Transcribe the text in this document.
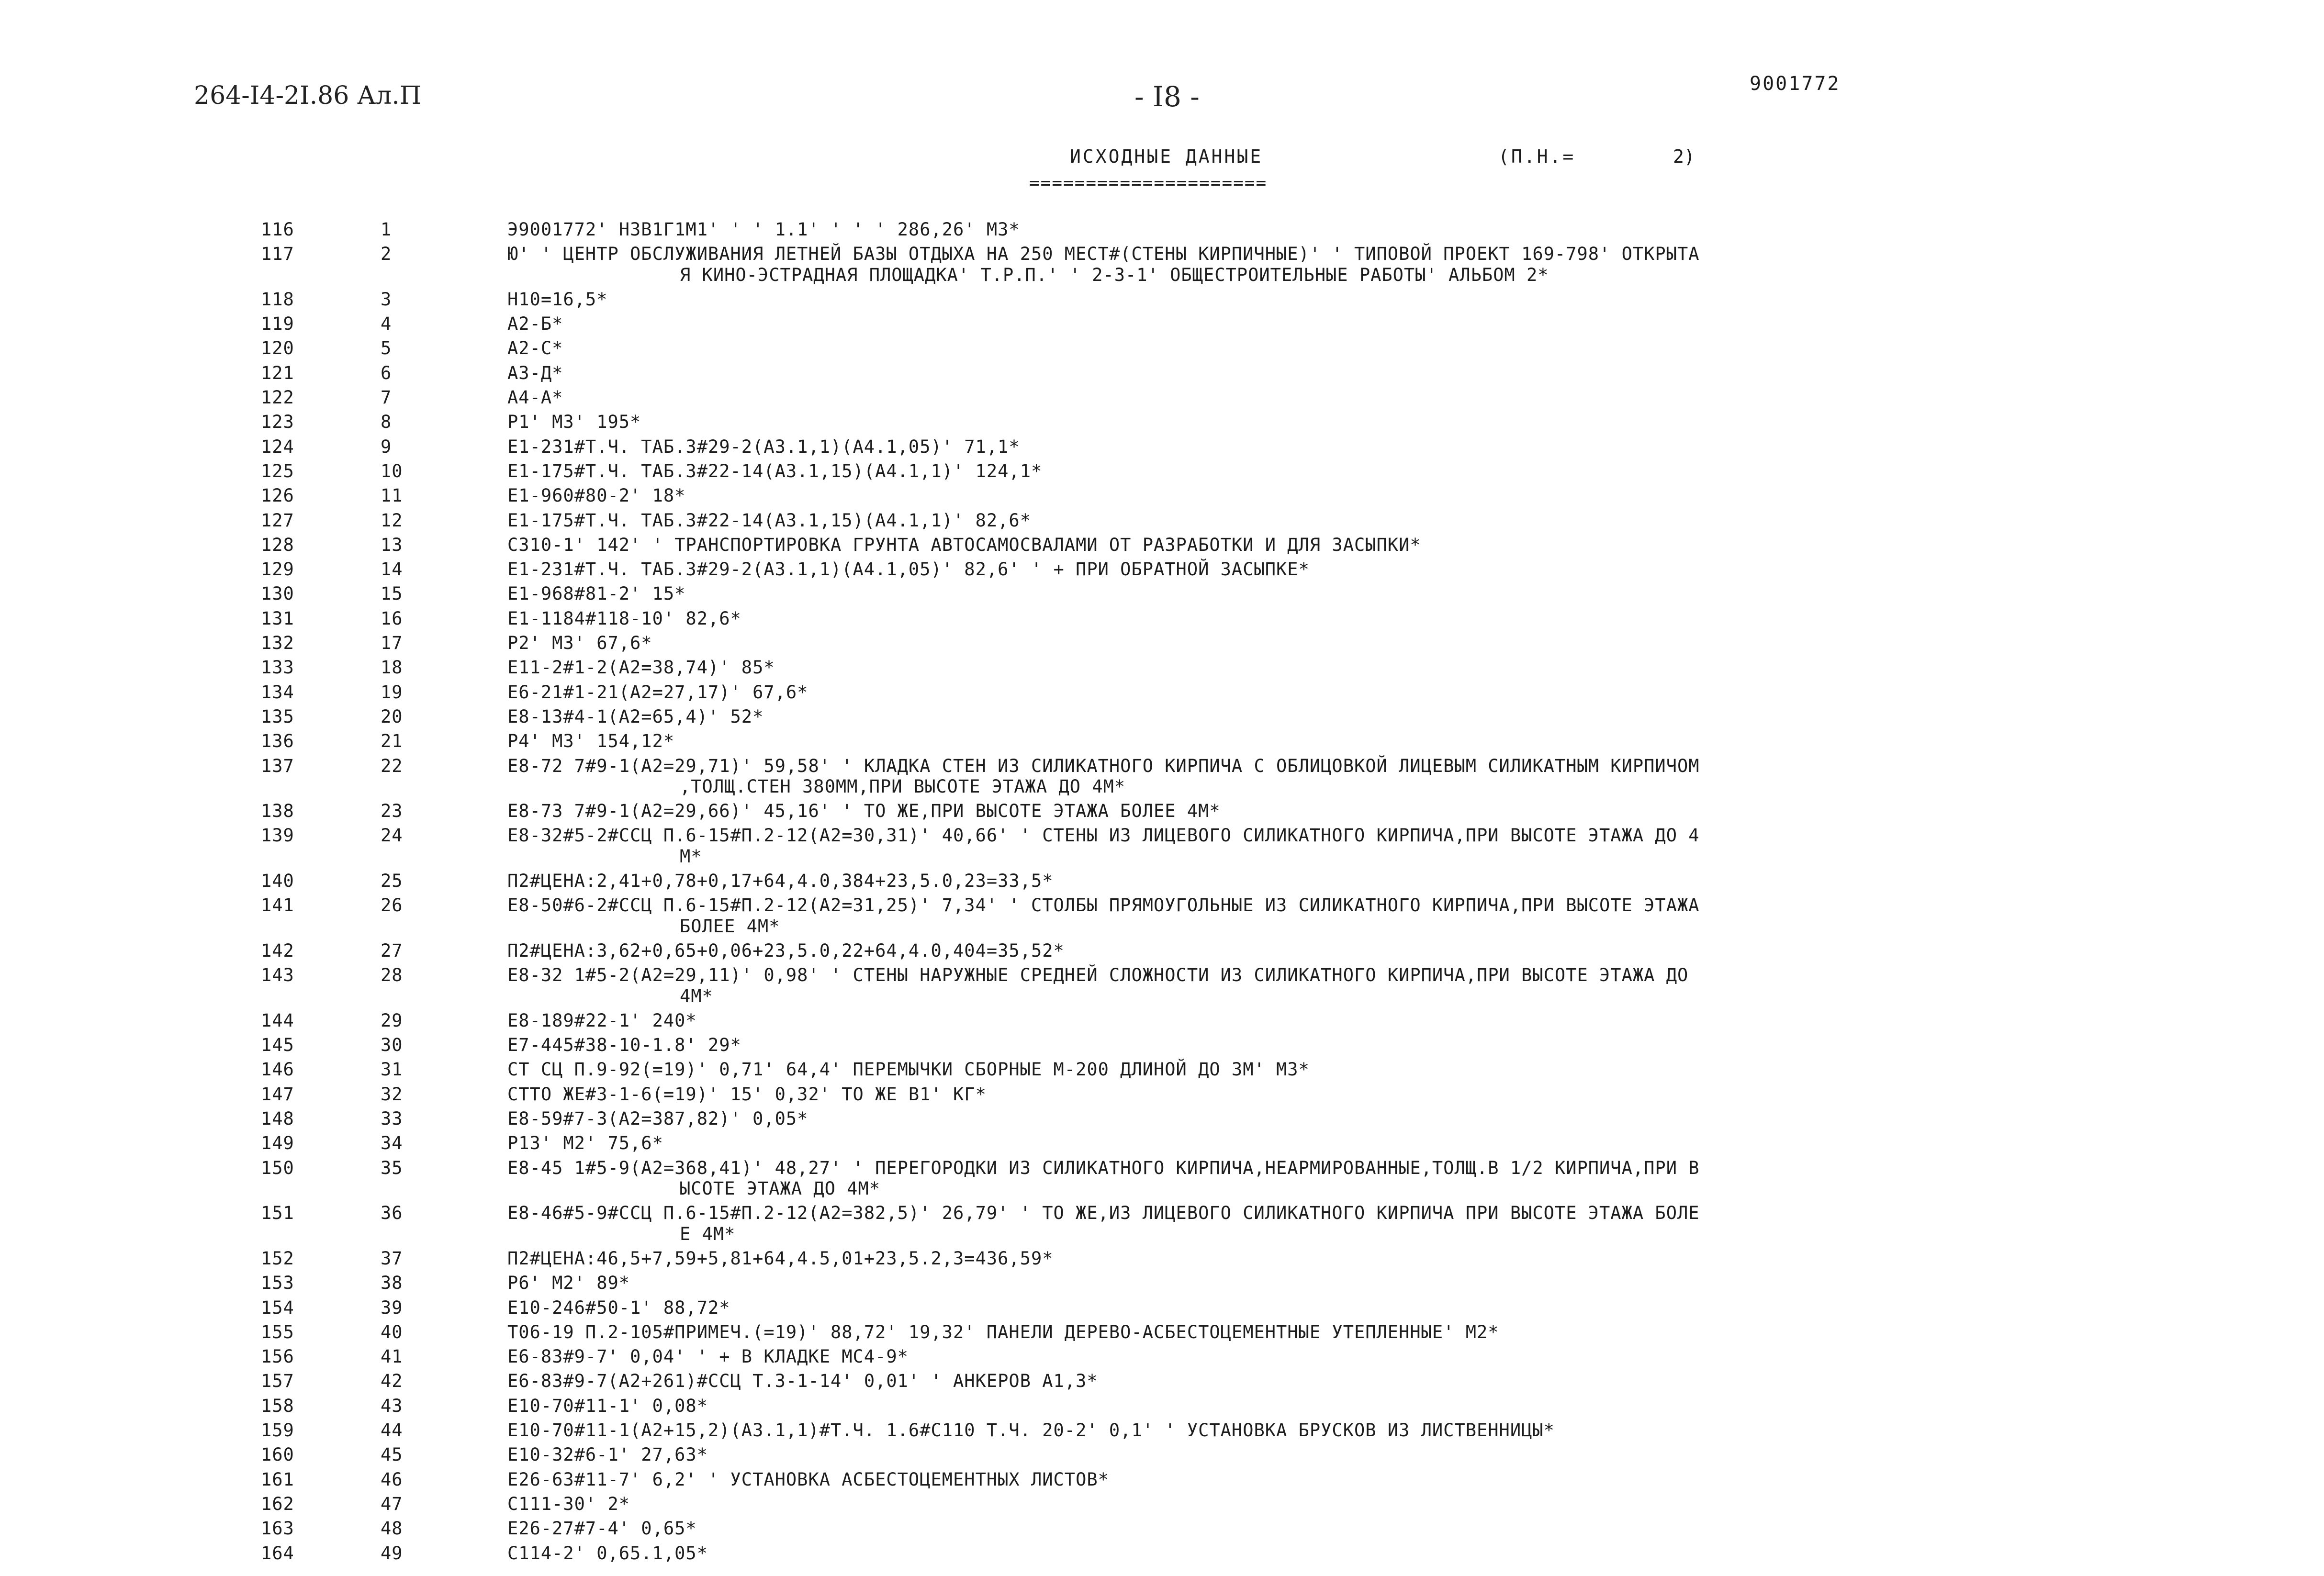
264-I4-2I.86 Ал.П	- I8 -	9001772
ИСХОДНЫЕ ДАННЫЕ
=====================
(П.Н.=	2)
116	1	Э9001772' НЗВ1Г1М1' ' ' 1.1' ' ' ' 286,26' МЗ*
117	2	Ю' ' ЦЕНТР ОБСЛУЖИВАНИЯ ЛЕТНЕЙ БАЗЫ ОТДЫХА НА 250 МЕСТ#(СТЕНЫ КИРПИЧНЫЕ)' ' ТИПОВОЙ ПРОЕКТ 169-798' ОТКРЫТА
Я КИНО-ЭСТРАДНАЯ ПЛОЩАДКА' Т.Р.П.' ' 2-3-1' ОБЩЕСТРОИТЕЛЬНЫЕ РАБОТЫ' АЛЬБОМ 2*
118	3	Н10=16,5*
119	4	А2-Б*
120	5	А2-С*
121	6	А3-Д*
122	7	А4-А*
123	8	Р1' МЗ' 195*
124	9	Е1-231#Т.Ч. ТАБ.3#29-2(А3.1,1)(А4.1,05)' 71,1*
125	10	Е1-175#Т.Ч. ТАБ.3#22-14(А3.1,15)(А4.1,1)' 124,1*
126	11	Е1-960#80-2' 18*
127	12	Е1-175#Т.Ч. ТАБ.3#22-14(А3.1,15)(А4.1,1)' 82,6*
128	13	С310-1' 142' ' ТРАНСПОРТИРОВКА ГРУНТА АВТОСАМОСВАЛАМИ ОТ РАЗРАБОТКИ И ДЛЯ ЗАСЫПКИ*
129	14	Е1-231#Т.Ч. ТАБ.3#29-2(А3.1,1)(А4.1,05)' 82,6' ' + ПРИ ОБРАТНОЙ ЗАСЫПКЕ*
130	15	Е1-968#81-2' 15*
131	16	Е1-1184#118-10' 82,6*
132	17	Р2' МЗ' 67,6*
133	18	Е11-2#1-2(А2=38,74)' 85*
134	19	Е6-21#1-21(А2=27,17)' 67,6*
135	20	Е8-13#4-1(А2=65,4)' 52*
136	21	Р4' МЗ' 154,12*
137	22	Е8-72 7#9-1(А2=29,71)' 59,58' ' КЛАДКА СТЕН ИЗ СИЛИКАТНОГО КИРПИЧА С ОБЛИЦОВКОЙ ЛИЦЕВЫМ СИЛИКАТНЫМ КИРПИЧОМ
,ТОЛЩ.СТЕН 380ММ,ПРИ ВЫСОТЕ ЭТАЖА ДО 4М*
138	23	Е8-73 7#9-1(А2=29,66)' 45,16' ' ТО ЖЕ,ПРИ ВЫСОТЕ ЭТАЖА БОЛЕЕ 4М*
139	24	Е8-32#5-2#ССЦ П.6-15#П.2-12(А2=30,31)' 40,66' ' СТЕНЫ ИЗ ЛИЦЕВОГО СИЛИКАТНОГО КИРПИЧА,ПРИ ВЫСОТЕ ЭТАЖА ДО 4
М*
140	25	П2#ЦЕНА:2,41+0,78+0,17+64,4.0,384+23,5.0,23=33,5*
141	26	Е8-50#6-2#ССЦ П.6-15#П.2-12(А2=31,25)' 7,34' ' СТОЛБЫ ПРЯМОУГОЛЬНЫЕ ИЗ СИЛИКАТНОГО КИРПИЧА,ПРИ ВЫСОТЕ ЭТАЖА
БОЛЕЕ 4М*
142	27	П2#ЦЕНА:3,62+0,65+0,06+23,5.0,22+64,4.0,404=35,52*
143	28	Е8-32 1#5-2(А2=29,11)' 0,98' ' СТЕНЫ НАРУЖНЫЕ СРЕДНЕЙ СЛОЖНОСТИ ИЗ СИЛИКАТНОГО КИРПИЧА,ПРИ ВЫСОТЕ ЭТАЖА ДО
4М*
144	29	Е8-189#22-1' 240*
145	30	Е7-445#38-10-1.8' 29*
146	31	СТ СЦ П.9-92(=19)' 0,71' 64,4' ПЕРЕМЫЧКИ СБОРНЫЕ М-200 ДЛИНОЙ ДО 3М' МЗ*
147	32	СТТО ЖЕ#3-1-6(=19)' 15' 0,32' ТО ЖЕ В1' КГ*
148	33	Е8-59#7-3(А2=387,82)' 0,05*
149	34	Р13' М2' 75,6*
150	35	Е8-45 1#5-9(А2=368,41)' 48,27' ' ПЕРЕГОРОДКИ ИЗ СИЛИКАТНОГО КИРПИЧА,НЕАРМИРОВАННЫЕ,ТОЛЩ.В 1/2 КИРПИЧА,ПРИ В
ЫСОТЕ ЭТАЖА ДО 4М*
151	36	Е8-46#5-9#ССЦ П.6-15#П.2-12(А2=382,5)' 26,79' ' ТО ЖЕ,ИЗ ЛИЦЕВОГО СИЛИКАТНОГО КИРПИЧА ПРИ ВЫСОТЕ ЭТАЖА БОЛЕ
Е 4М*
152	37	П2#ЦЕНА:46,5+7,59+5,81+64,4.5,01+23,5.2,3=436,59*
153	38	Р6' М2' 89*
154	39	Е10-246#50-1' 88,72*
155	40	Т06-19 П.2-105#ПРИМЕЧ.(=19)' 88,72' 19,32' ПАНЕЛИ ДЕРЕВО-АСБЕСТОЦЕМЕНТНЫЕ УТЕПЛЕННЫЕ' М2*
156	41	Е6-83#9-7' 0,04' ' + В КЛАДКЕ МС4-9*
157	42	Е6-83#9-7(А2+261)#ССЦ Т.3-1-14' 0,01' ' АНКЕРОВ А1,3*
158	43	Е10-70#11-1' 0,08*
159	44	Е10-70#11-1(А2+15,2)(А3.1,1)#Т.Ч. 1.6#С110 Т.Ч. 20-2' 0,1' ' УСТАНОВКА БРУСКОВ ИЗ ЛИСТВЕННИЦЫ*
160	45	Е10-32#6-1' 27,63*
161	46	Е26-63#11-7' 6,2' ' УСТАНОВКА АСБЕСТОЦЕМЕНТНЫХ ЛИСТОВ*
162	47	С111-30' 2*
163	48	Е26-27#7-4' 0,65*
164	49	С114-2' 0,65.1,05*
